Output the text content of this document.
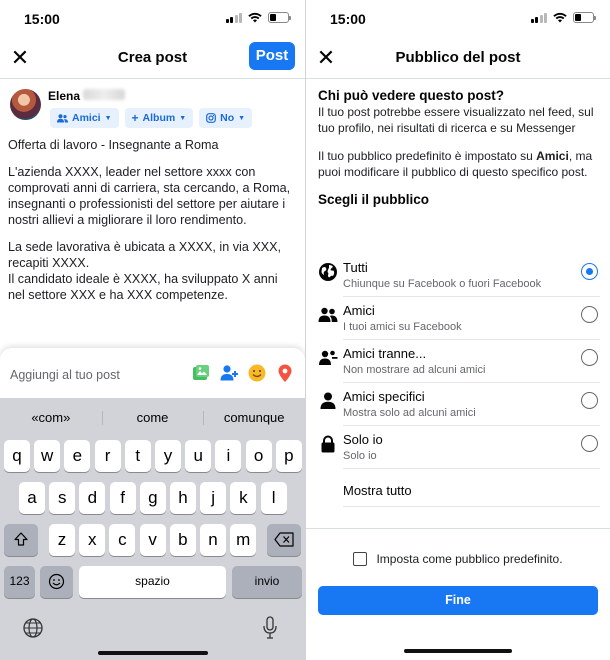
15:00
✕	Crea post	Post
Elena
Amici ▼ + Album ▼	No ▼

Offerta di lavoro - Insegnante a Roma

L'azienda XXXX, leader nel settore xxxx con comprovati anni di carriera, sta cercando, a Roma, insegnanti o professionisti del settore per aiutare i nostri allievi a migliorare il loro rendimento.

La sede lavorativa è ubicata a XXXX, in via XXX, recapiti XXXX.

Il candidato ideale è XXXX, ha sviluppato X anni nel settore XXX e ha XXX competenze.

Aggiungi al tuo post
«com»	come	comunque
q	w	e	r	t	y	u	i	o	p
a	s	d	f	g	h	j	k	l
z	x	c	v	b	n	m
123	spazio	invio
15:00
✕	Pubblico del post
Chi può vedere questo post?
Il tuo post potrebbe essere visualizzato nel feed, sul tuo profilo, nei risultati di ricerca e su Messenger
Il tuo pubblico predefinito è impostato su Amici, ma puoi modificare il pubblico di questo specifico post.
Scegli il pubblico
Tutti
Chiunque su Facebook o fuori Facebook
Amici
I tuoi amici su Facebook
Amici tranne...
Non mostrare ad alcuni amici
Amici specifici
Mostra solo ad alcuni amici
Solo io
Solo io
Mostra tutto
Imposta come pubblico predefinito.
Fine
